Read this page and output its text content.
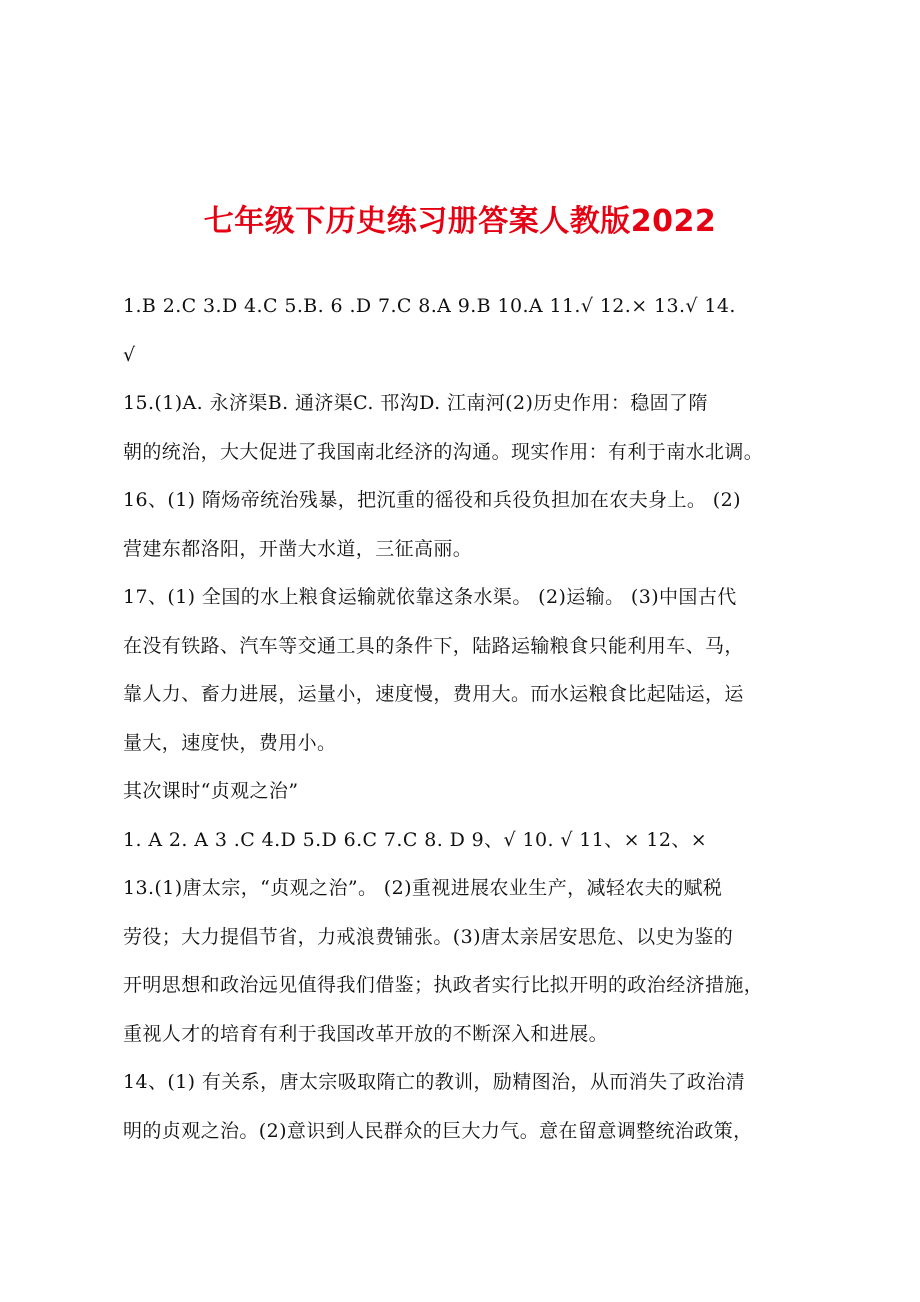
七年级下历史练习册答案人教版2022
1.B 2.C 3.D 4.C 5.B. 6 .D 7.C 8.A 9.B 10.A 11.√ 12.× 13.√ 14.
√
15.(1)A. 永济渠B. 通济渠C. 邗沟D. 江南河(2)历史作用：稳固了隋
朝的统治，大大促进了我国南北经济的沟通。现实作用：有利于南水北调。
16、(1) 隋炀帝统治残暴，把沉重的徭役和兵役负担加在农夫身上。 (2)
营建东都洛阳，开凿大水道，三征高丽。
17、(1) 全国的水上粮食运输就依靠这条水渠。 (2)运输。 (3)中国古代
在没有铁路、汽车等交通工具的条件下，陆路运输粮食只能利用车、马，
靠人力、畜力进展，运量小，速度慢，费用大。而水运粮食比起陆运，运
量大，速度快，费用小。
其次课时“贞观之治”
1. A 2. A 3 .C 4.D 5.D 6.C 7.C 8. D 9、√ 10. √ 11、× 12、×
13.(1)唐太宗，“贞观之治”。 (2)重视进展农业生产，减轻农夫的赋税
劳役；大力提倡节省，力戒浪费铺张。(3)唐太亲居安思危、以史为鉴的
开明思想和政治远见值得我们借鉴；执政者实行比拟开明的政治经济措施，
重视人才的培育有利于我国改革开放的不断深入和进展。
14、(1) 有关系，唐太宗吸取隋亡的教训，励精图治，从而消失了政治清
明的贞观之治。(2)意识到人民群众的巨大力气。意在留意调整统治政策，
